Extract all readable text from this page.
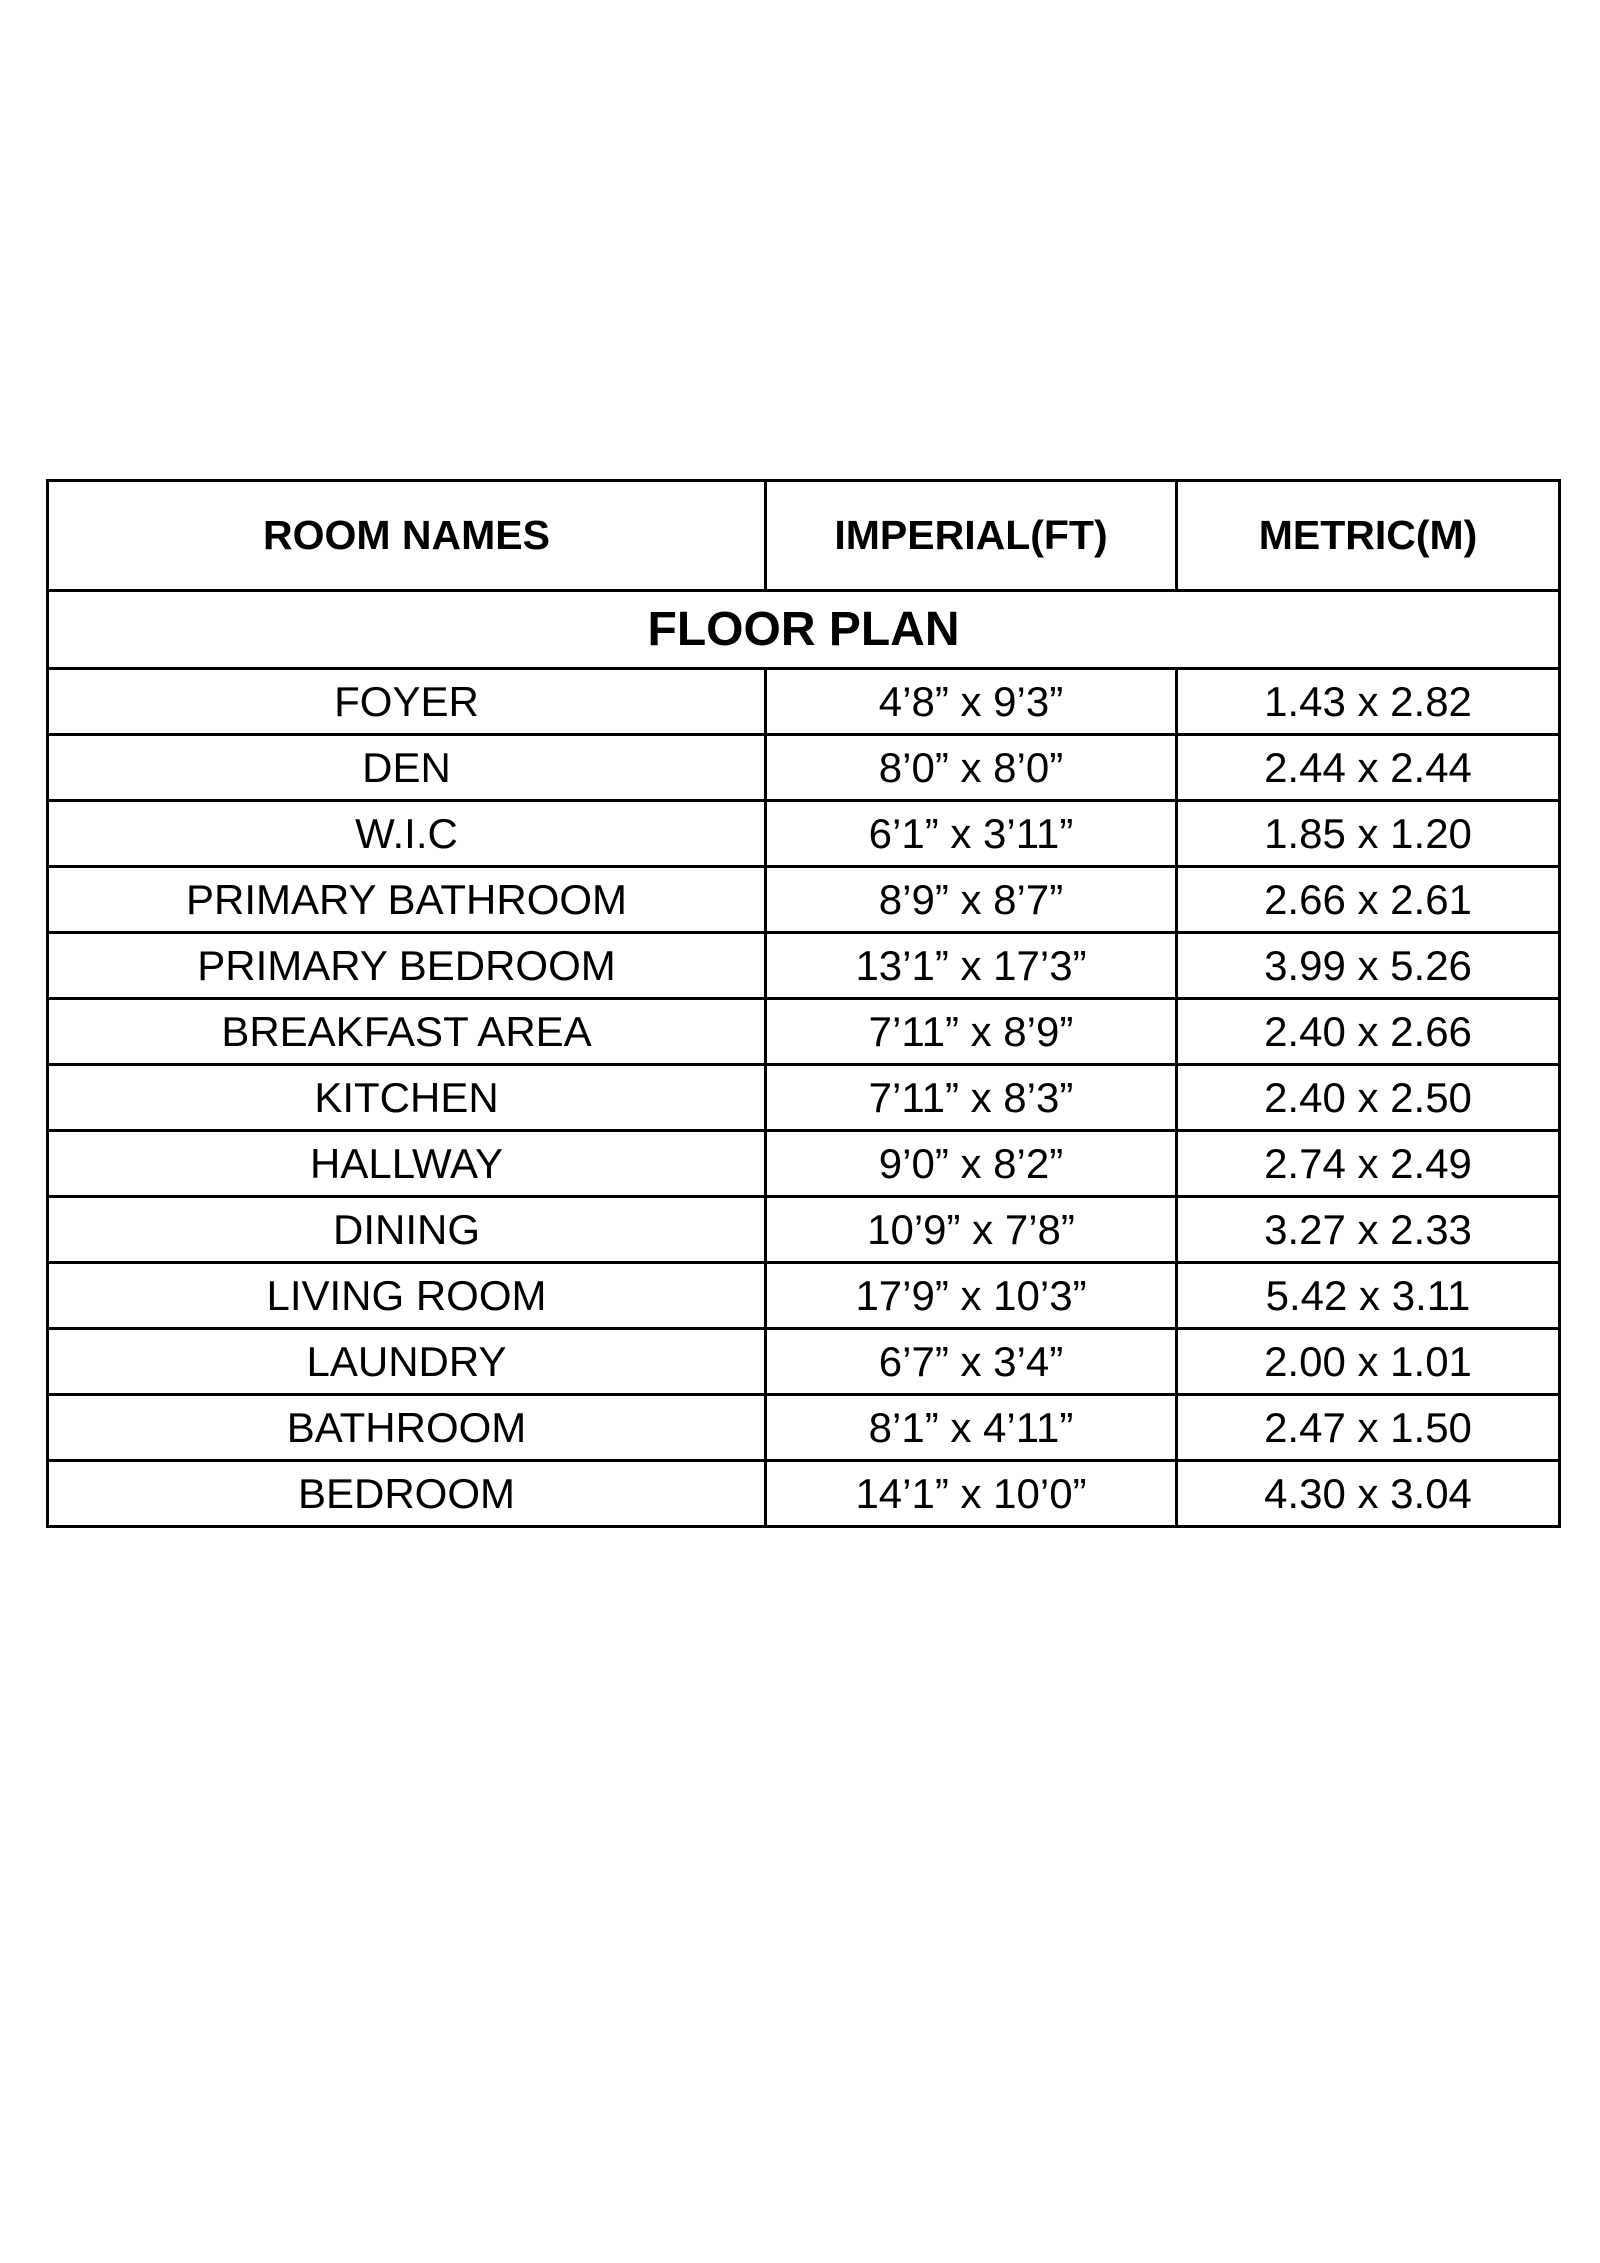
ROOM NAMES	IMPERIAL(FT)	METRIC(M)
FLOOR PLAN		
FOYER	4’8” x 9’3”	1.43 x 2.82
DEN	8’0” x 8’0”	2.44 x 2.44
W.I.C	6’1” x 3’11”	1.85 x 1.20
PRIMARY BATHROOM	8’9” x 8’7”	2.66 x 2.61
PRIMARY BEDROOM	13’1” x 17’3”	3.99 x 5.26
BREAKFAST AREA	7’11” x 8’9”	2.40 x 2.66
KITCHEN	7’11” x 8’3”	2.40 x 2.50
HALLWAY	9’0” x 8’2”	2.74 x 2.49
DINING	10’9” x 7’8”	3.27 x 2.33
LIVING ROOM	17’9” x 10’3”	5.42 x 3.11
LAUNDRY	6’7” x 3’4”	2.00 x 1.01
BATHROOM	8’1” x 4’11”	2.47 x 1.50
BEDROOM	14’1” x 10’0”	4.30 x 3.04
